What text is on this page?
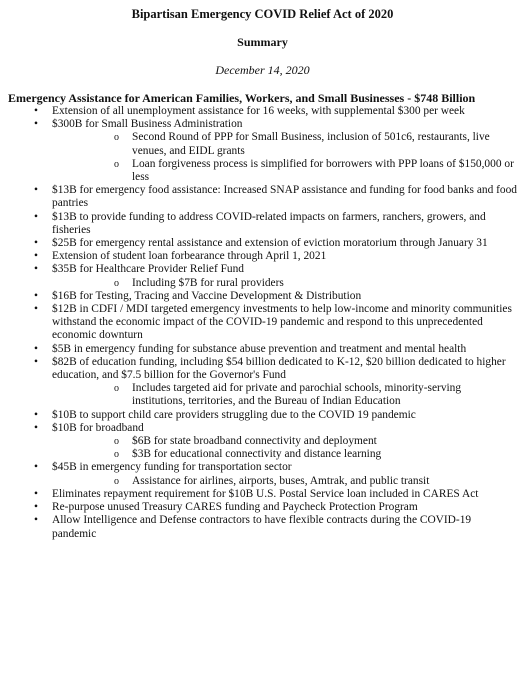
Bipartisan Emergency COVID Relief Act of 2020
Summary
December 14, 2020
Emergency Assistance for American Families, Workers, and Small Businesses - $748 Billion
• Extension of all unemployment assistance for 16 weeks, with supplemental $300 per week
• $300B for Small Business Administration
o Second Round of PPP for Small Business, inclusion of 501c6, restaurants, live venues, and EIDL grants
o Loan forgiveness process is simplified for borrowers with PPP loans of $150,000 or less
• $13B for emergency food assistance: Increased SNAP assistance and funding for food banks and food pantries
• $13B to provide funding to address COVID-related impacts on farmers, ranchers, growers, and fisheries
• $25B for emergency rental assistance and extension of eviction moratorium through January 31
• Extension of student loan forbearance through April 1, 2021
• $35B for Healthcare Provider Relief Fund
o Including $7B for rural providers
• $16B for Testing, Tracing and Vaccine Development & Distribution
• $12B in CDFI / MDI targeted emergency investments to help low-income and minority communities withstand the economic impact of the COVID-19 pandemic and respond to this unprecedented economic downturn
• $5B in emergency funding for substance abuse prevention and treatment and mental health
• $82B of education funding, including $54 billion dedicated to K-12, $20 billion dedicated to higher education, and $7.5 billion for the Governor's Fund
o Includes targeted aid for private and parochial schools, minority-serving institutions, territories, and the Bureau of Indian Education
• $10B to support child care providers struggling due to the COVID 19 pandemic
• $10B for broadband
o $6B for state broadband connectivity and deployment
o $3B for educational connectivity and distance learning
• $45B in emergency funding for transportation sector
o Assistance for airlines, airports, buses, Amtrak, and public transit
• Eliminates repayment requirement for $10B U.S. Postal Service loan included in CARES Act
• Re-purpose unused Treasury CARES funding and Paycheck Protection Program
• Allow Intelligence and Defense contractors to have flexible contracts during the COVID-19 pandemic
